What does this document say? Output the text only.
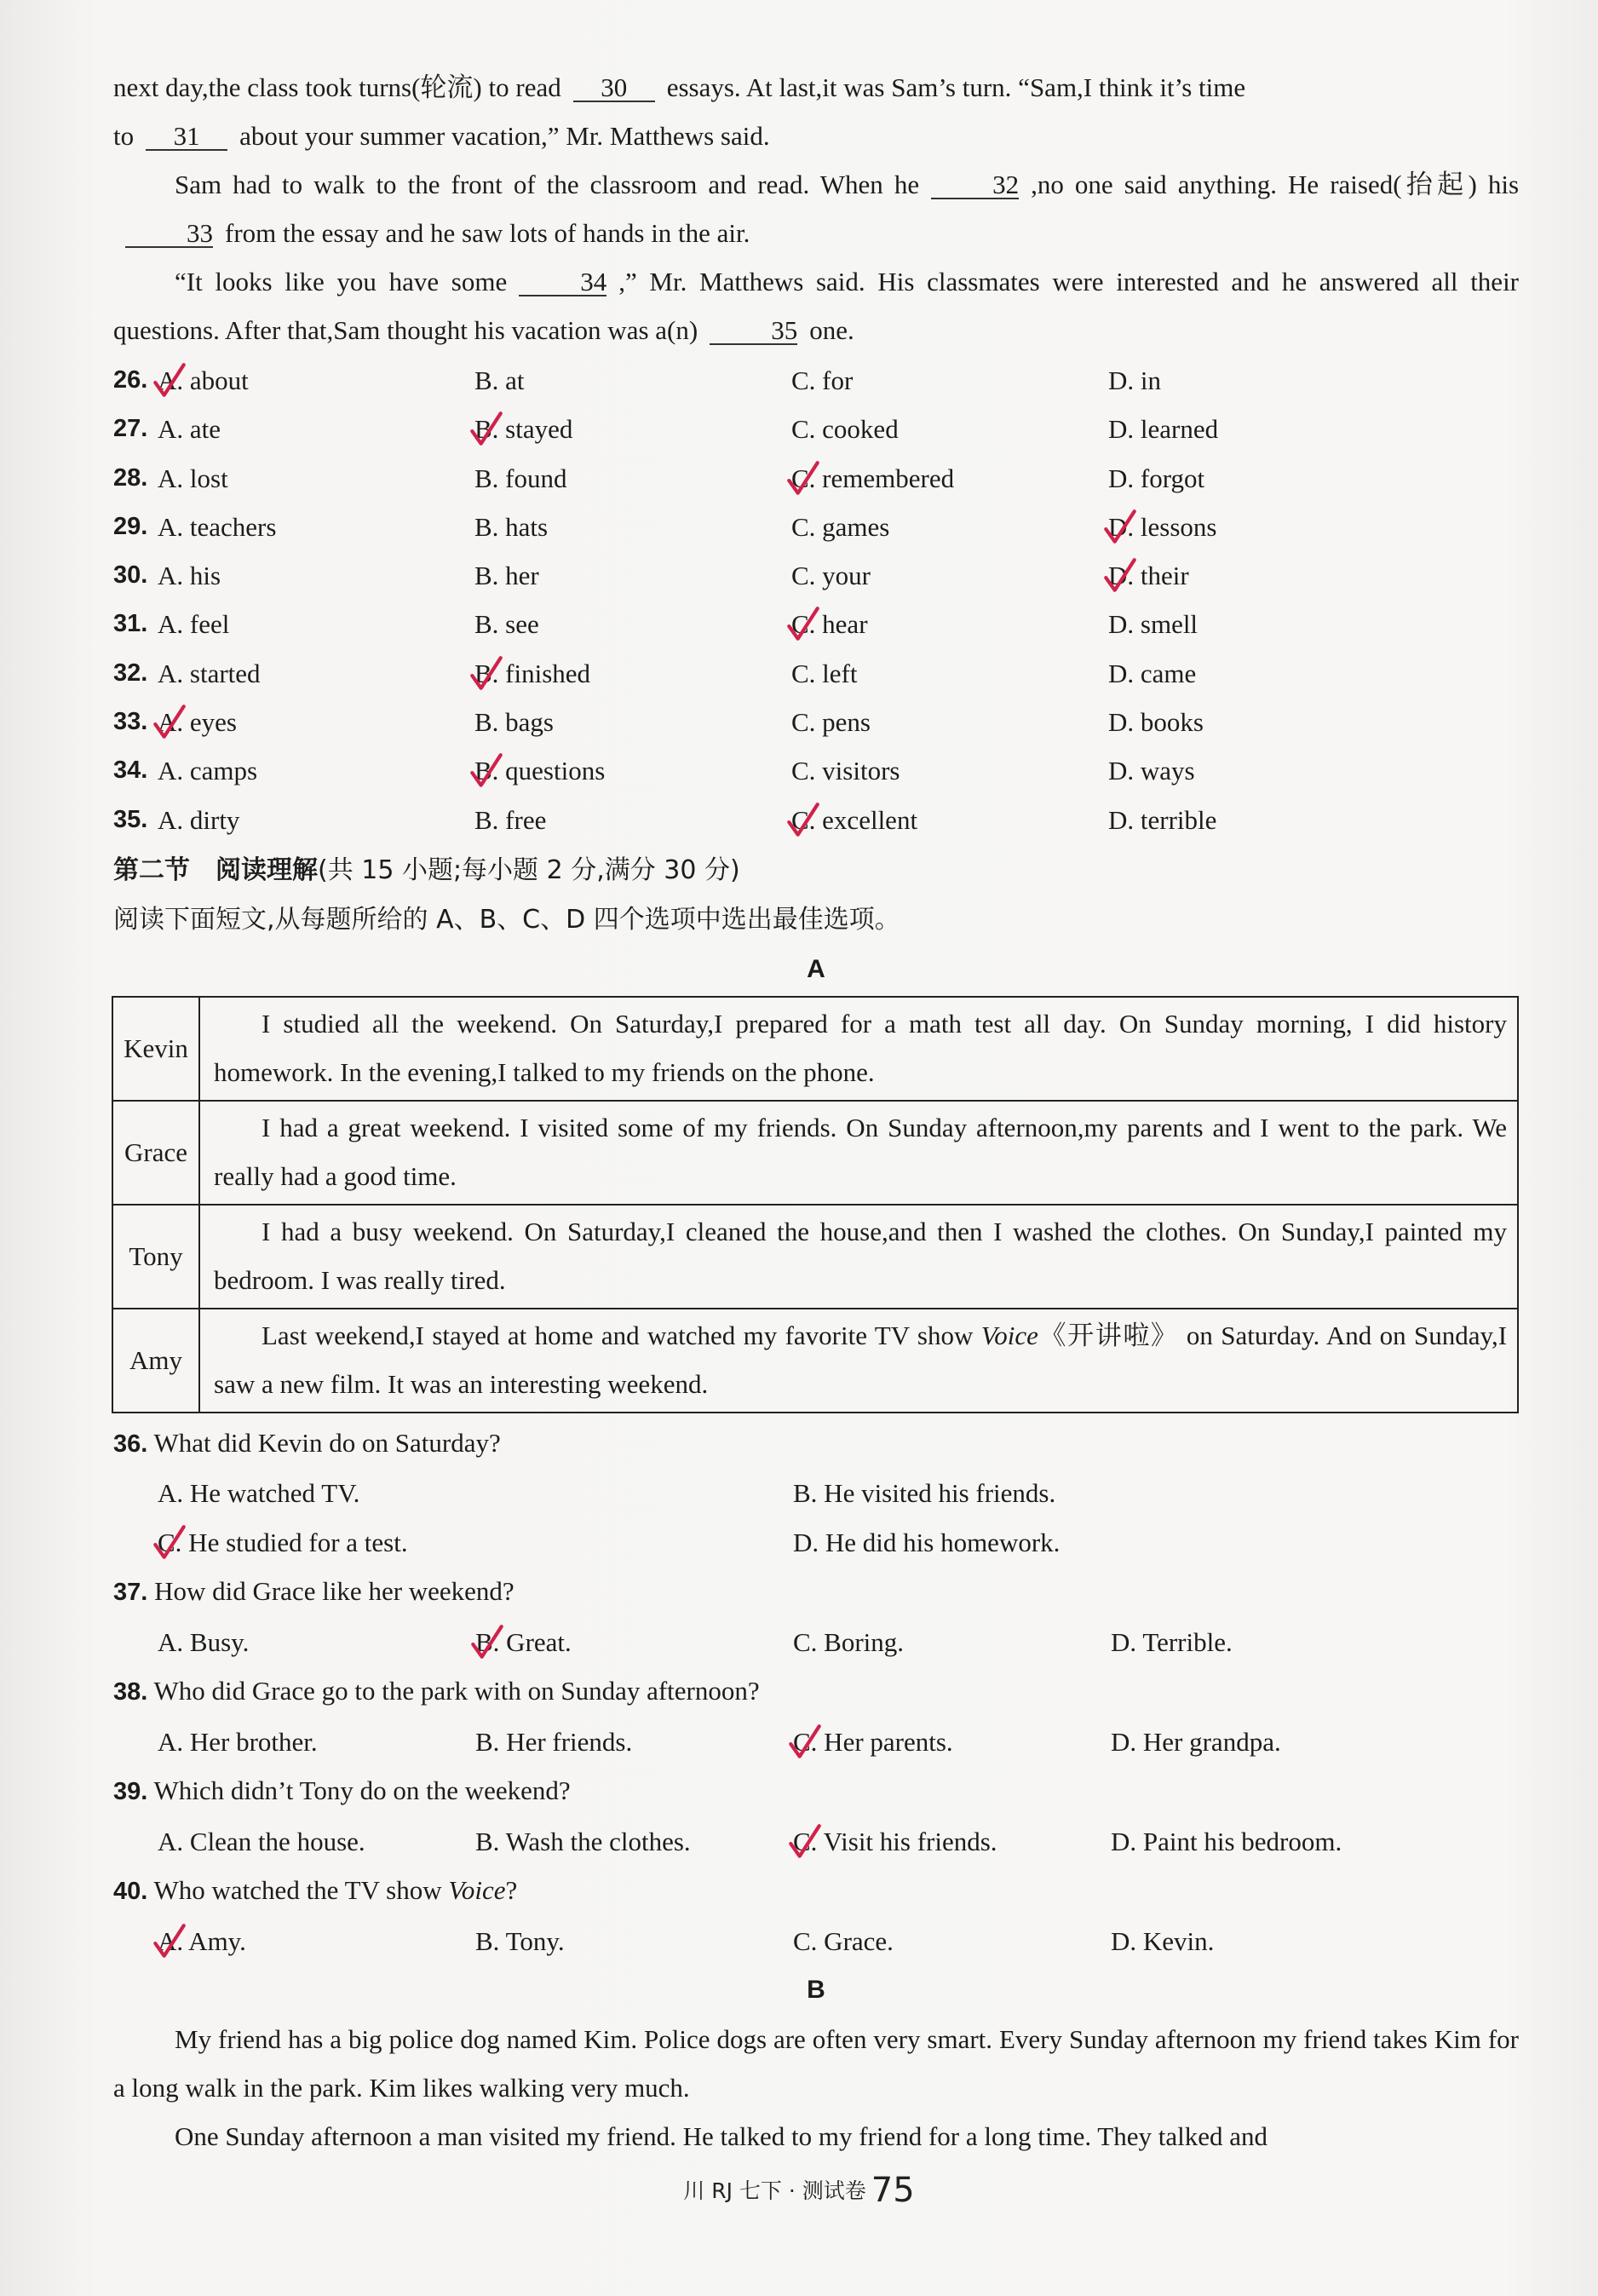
next day,the class took turns(轮流) to read 30 essays. At last,it was Sam’s turn. “Sam,I think it’s time

to 31 about your summer vacation,” Mr. Matthews said.

Sam had to walk to the front of the classroom and read. When he	32 ,no one said anything. He raised(抬起) his33 from the essay and he saw lots of hands in the air.

“It looks like you have some	34 ,” Mr. Matthews said. His classmates were interested and he answered all their questions. After that,Sam thought his vacation was a(n)	35 one.

26. A. about	B. at	C. for	D. in
27. A. ate	B. stayed	C. cooked	D. learned
28. A. lost	B. found	C. remembered	D. forgot
29. A. teachers	B. hats	C. games	D. lessons
30. A. his	B. her	C. your	D. their
31. A. feel	B. see	C. hear	D. smell
32. A. started	B. finished	C. left	D. came
33. A. eyes	B. bags	C. pens	D. books
34. A. camps	B. questions	C. visitors	D. ways
35. A. dirty	B. free	C. excellent	D. terrible
第二节　阅读理解(共 15 小题;每小题 2 分,满分 30 分)
阅读下面短文,从每题所给的 A、B、C、D 四个选项中选出最佳选项。
A
Kevin	I studied all the weekend. On Saturday,I prepared for a math test all day. On Sunday morning, I did history homework. In the evening,I talked to my friends on the phone.
Grace	I had a great weekend. I visited some of my friends. On Sunday afternoon,my parents and I went to the park. We really had a good time.
Tony	I had a busy weekend. On Saturday,I cleaned the house,and then I washed the clothes. On Sunday,I painted my bedroom. I was really tired.
Amy	Last weekend,I stayed at home and watched my favorite TV show Voice《开讲啦》 on Saturday. And on Sunday,I saw a new film. It was an interesting weekend.
36. What did Kevin do on Saturday?
A. He watched TV.	B. He visited his friends.
C. He studied for a test.	D. He did his homework.
37. How did Grace like her weekend?
A. Busy.	B. Great.	C. Boring.	D. Terrible.
38. Who did Grace go to the park with on Sunday afternoon?
A. Her brother.	B. Her friends.	C. Her parents.	D. Her grandpa.
39. Which didn’t Tony do on the weekend?
A. Clean the house.	B. Wash the clothes.	C. Visit his friends.	D. Paint his bedroom.
40. Who watched the TV show Voice?
A. Amy.	B. Tony.	C. Grace.	D. Kevin.
B

My friend has a big police dog named Kim. Police dogs are often very smart. Every Sunday afternoon my friend takes Kim for a long walk in the park. Kim likes walking very much.

One Sunday afternoon a man visited my friend. He talked to my friend for a long time. They talked and

川 RJ 七下 · 测试卷 75
